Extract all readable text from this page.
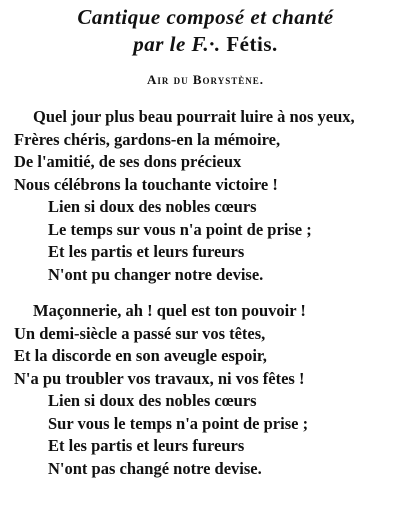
Cantique composé et chanté
par le F.·. Fétis.
Air du Borystène.
Quel jour plus beau pourrait luire à nos yeux,
Frères chéris, gardons-en la mémoire,
De l'amitié, de ses dons précieux
Nous célébrons la touchante victoire !
Lien si doux des nobles cœurs
Le temps sur vous n'a point de prise ;
Et les partis et leurs fureurs
N'ont pu changer notre devise.
Maçonnerie, ah ! quel est ton pouvoir !
Un demi-siècle a passé sur vos têtes,
Et la discorde en son aveugle espoir,
N'a pu troubler vos travaux, ni vos fêtes !
Lien si doux des nobles cœurs
Sur vous le temps n'a point de prise ;
Et les partis et leurs fureurs
N'ont pas changé notre devise.
